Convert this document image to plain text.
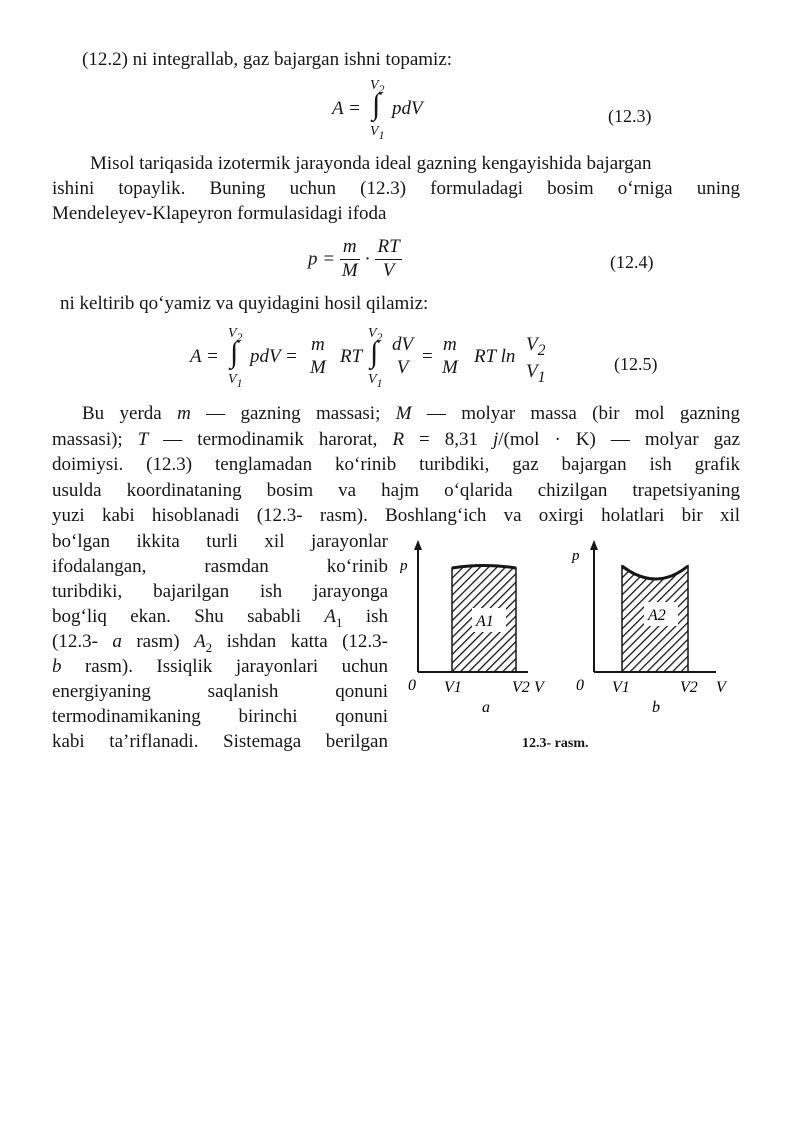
(12.2) ni integrallab, gaz bajargan ishni topamiz:
A =
$V_2$
∫
$V_1$
pdV	(12.3)
Misol tariqasida izotermik jarayonda ideal gazning kengayishida bajargan
ishini topaylik. Buning uchun (12.3) formuladagi bosim o‘rniga uning
Mendeleyev-Klapeyron formulasidagi ifoda
$p = \frac{m}{M} \cdot \frac{RT}{V}$	(12.4)
ni keltirib qo‘yamiz va quyidagini hosil qilamiz:
A =
$V_2$
∫
$V_1$
pdV =
m
M
RT
$V_2$
∫
$V_1$
dV
V
=
m
M
RT ln
$V_2$
$V_1$
(12.5)
Bu yerda m — gazning massasi; M — molyar massa (bir mol gazning
massasi); T — termodinamik harorat, R = 8,31 j/(mol · K) — molyar gaz
doimiysi. (12.3) tenglamadan ko‘rinib turibdiki, gaz bajargan ish grafik
usulda koordinataning bosim va hajm o‘qlarida chizilgan trapetsiyaning
yuzi kabi hisoblanadi (12.3- rasm). Boshlang‘ich va oxirgi holatlari bir xil
bo‘lgan ikkita turli xil jarayonlar
ifodalangan, rasmdan ko‘rinib
turibdiki, bajarilgan ish jarayonga
bog‘liq ekan. Shu sababli $A_1$ ish
(12.3- a rasm) $A_2$ ishdan katta (12.3-
b rasm). Issiqlik jarayonlari uchun
energiyaning saqlanish qonuni
termodinamikaning birinchi qonuni
kabi ta’riflanadi. Sistemaga berilgan
p
0 V1	V2 V
A1
a
p
0 V1	V2 V
A2
b
12.3- rasm.
